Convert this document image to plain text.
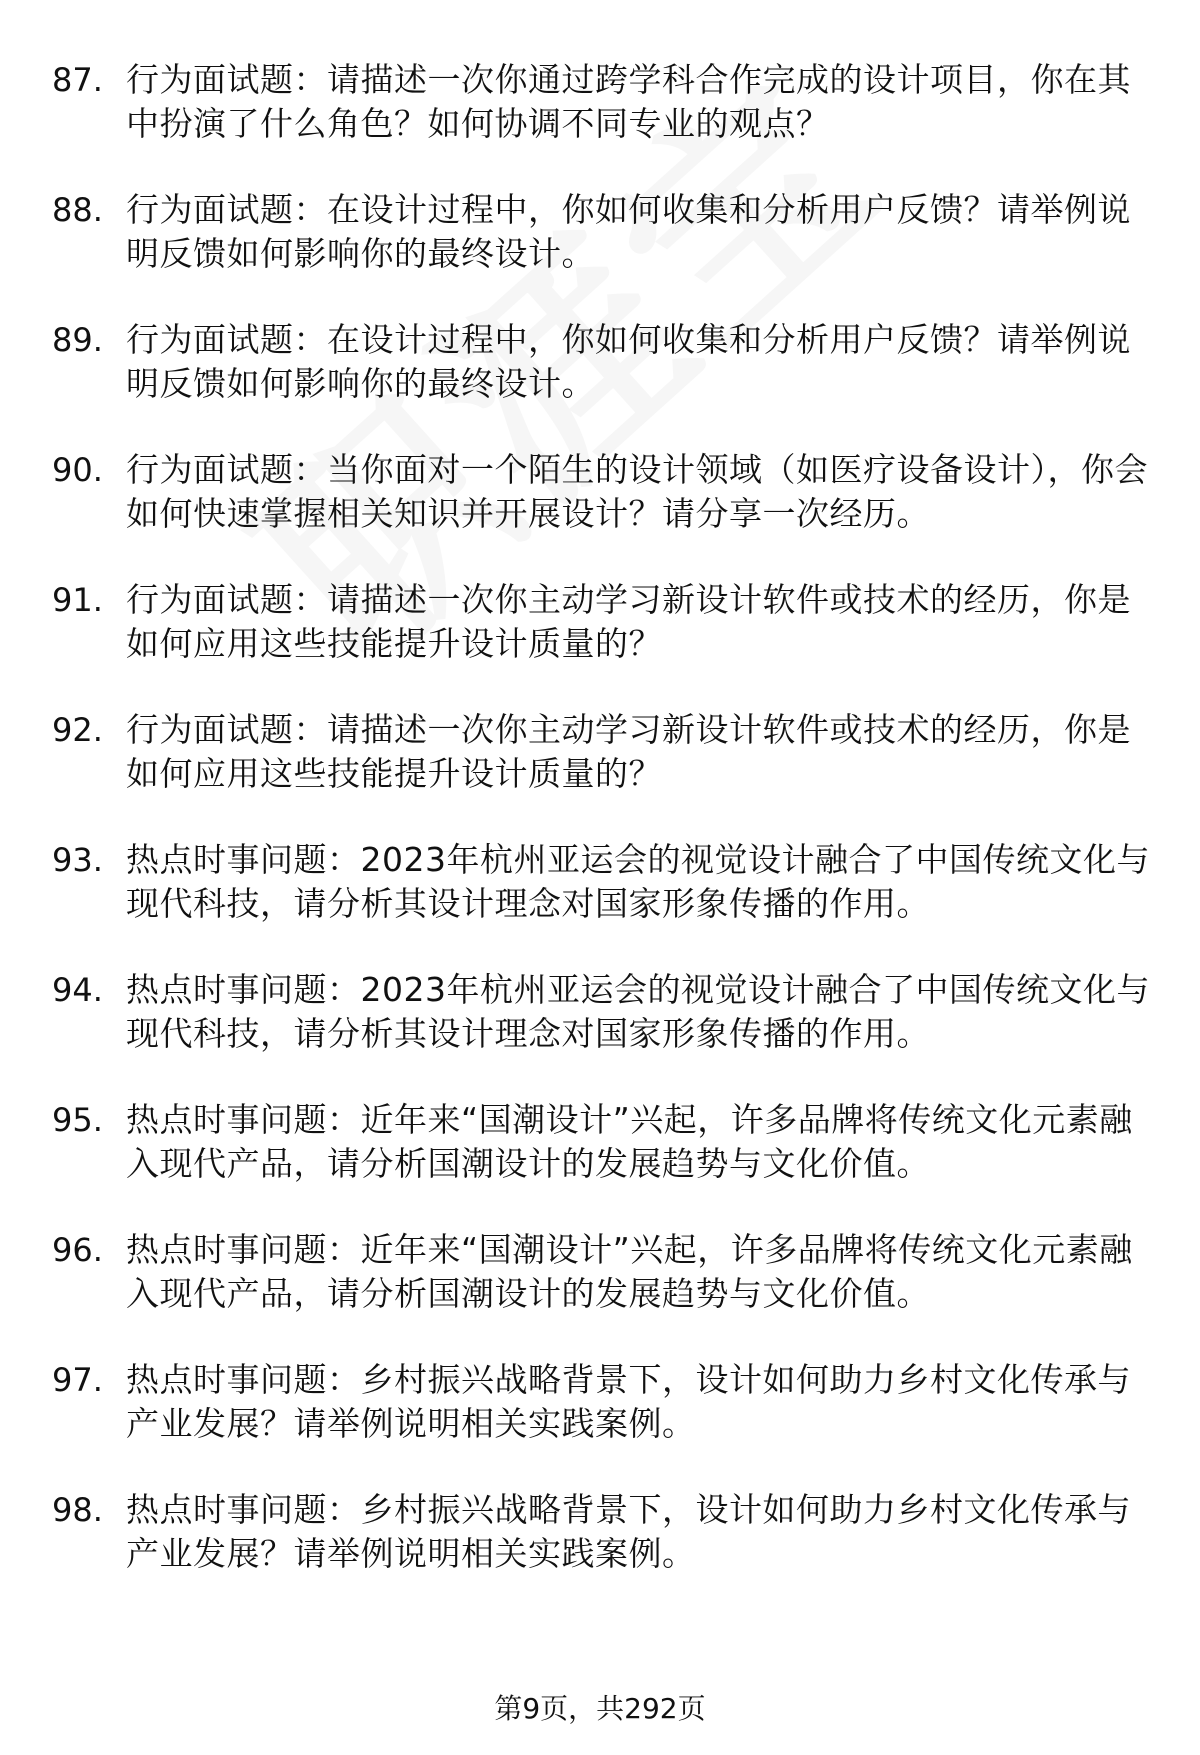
87. 行为面试题：请描述一次你通过跨学科合作完成的设计项目，你在其中扮演了什么角色？如何协调不同专业的观点？
88. 行为面试题：在设计过程中，你如何收集和分析用户反馈？请举例说明反馈如何影响你的最终设计。
89. 行为面试题：在设计过程中，你如何收集和分析用户反馈？请举例说明反馈如何影响你的最终设计。
90. 行为面试题：当你面对一个陌生的设计领域（如医疗设备设计），你会如何快速掌握相关知识并开展设计？请分享一次经历。
91. 行为面试题：请描述一次你主动学习新设计软件或技术的经历，你是如何应用这些技能提升设计质量的？
92. 行为面试题：请描述一次你主动学习新设计软件或技术的经历，你是如何应用这些技能提升设计质量的？
93. 热点时事问题：2023年杭州亚运会的视觉设计融合了中国传统文化与现代科技，请分析其设计理念对国家形象传播的作用。
94. 热点时事问题：2023年杭州亚运会的视觉设计融合了中国传统文化与现代科技，请分析其设计理念对国家形象传播的作用。
95. 热点时事问题：近年来“国潮设计”兴起，许多品牌将传统文化元素融入现代产品，请分析国潮设计的发展趋势与文化价值。
96. 热点时事问题：近年来“国潮设计”兴起，许多品牌将传统文化元素融入现代产品，请分析国潮设计的发展趋势与文化价值。
97. 热点时事问题：乡村振兴战略背景下，设计如何助力乡村文化传承与产业发展？请举例说明相关实践案例。
98. 热点时事问题：乡村振兴战略背景下，设计如何助力乡村文化传承与产业发展？请举例说明相关实践案例。
第9页，共292页
